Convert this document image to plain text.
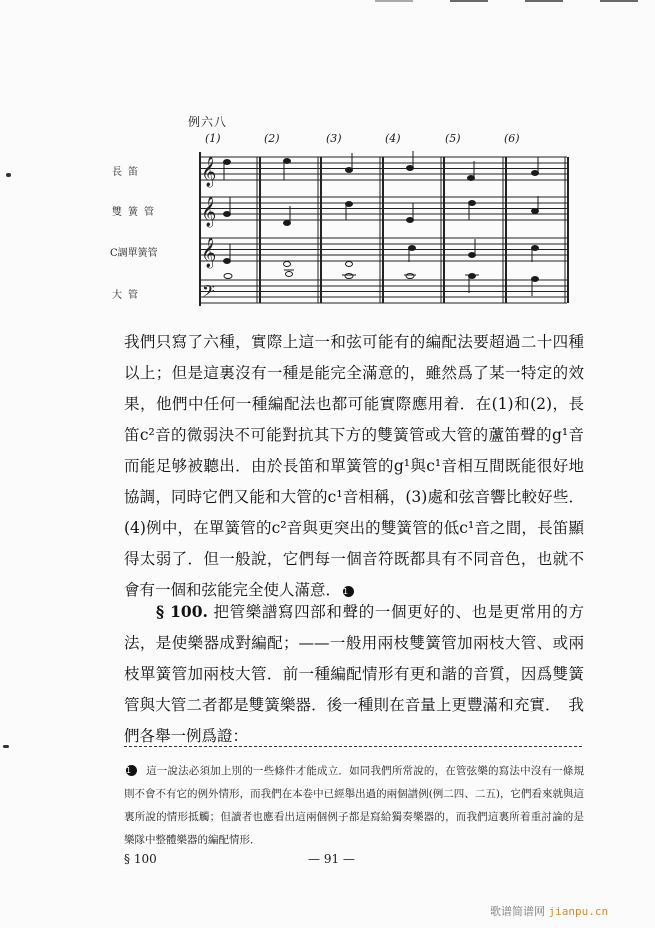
例六八
(1)	(2)	(3)	(4)	(5)	(6)
長笛
雙簧管
C調單簧管
大管
𝄞
𝄞
𝄞
𝄢

我們只寫了六種，實際上這一和弦可能有的編配法要超過二十四種以上；但是這裏沒有一種是能完全滿意的，雖然爲了某一特定的效果，他們中任何一種編配法也都可能實際應用着．在(1)和(2)，長笛c²音的微弱決不可能對抗其下方的雙簧管或大管的蘆笛聲的g¹音而能足够被聽出．由於長笛和單簧管的g¹與c¹音相互間既能很好地協調，同時它們又能和大管的c¹音相稱，(3)處和弦音響比較好些．(4)例中，在單簧管的c²音與更突出的雙簧管的低c¹音之間，長笛顯得太弱了．但一般說，它們每一個音符既都具有不同音色，也就不會有一個和弦能完全使人滿意． 1

§ 100. 把管樂譜寫四部和聲的一個更好的、也是更常用的方法，是使樂器成對編配；——一般用兩枝雙簧管加兩枝大管、或兩枝單簧管加兩枝大管．前一種編配情形有更和諧的音質，因爲雙簧管與大管二者都是雙簧樂器．後一種則在音量上更豐滿和充實．　我們各舉一例爲證：

1 這一說法必須加上別的一些條件才能成立．如同我們所常說的，在管弦樂的寫法中沒有一條規則不會不有它的例外情形，而我們在本卷中已經舉出過的兩個譜例(例二四、二五)，它們看來就與這裏所說的情形抵觸；但讀者也應看出這兩個例子都是寫給獨奏樂器的，而我們這裏所着重討論的是樂隊中整體樂器的編配情形．

§ 100	— 91 —
歌谱简谱网 jianpu.cn
